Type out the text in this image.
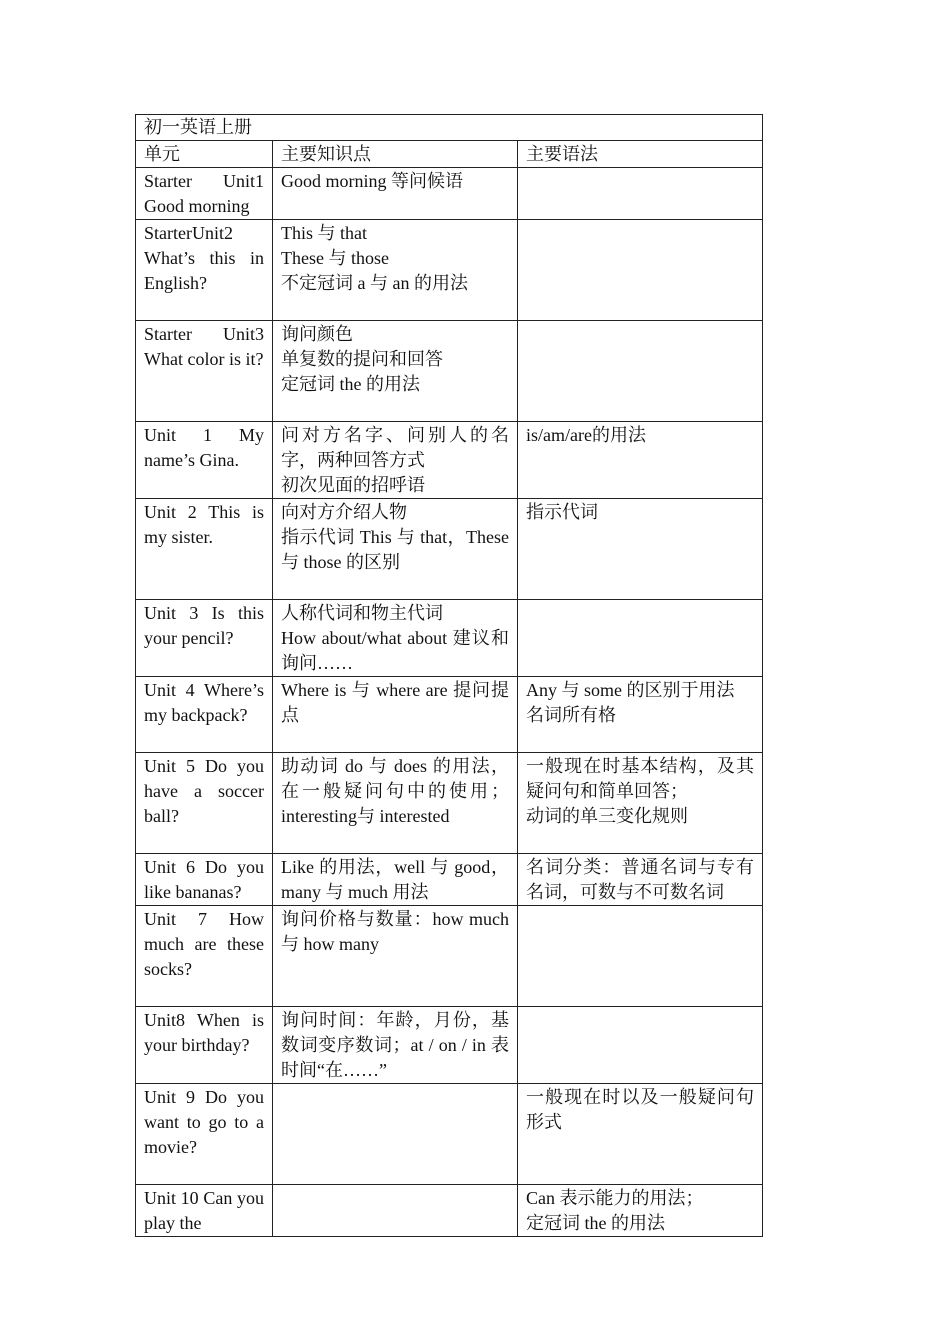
初一英语上册		

单元	主要知识点	主要语法

Starter Unit1 Good morning	Good morning 等问候语	

StarterUnit2 What’s this in English?	This 与 that
These 与 those
不定冠词 a 与 an 的用法	

Starter Unit3 What color is it?	询问颜色
单复数的提问和回答
定冠词 the 的用法	

Unit 1 My name’s Gina.	问对方名字、问别人的名字，两种回答方式
初次见面的招呼语	is/am/are的用法

Unit 2 This is my sister.	向对方介绍人物
指示代词 This 与 that，These 与 those 的区别	指示代词

Unit 3 Is this your pencil?	人称代词和物主代词
How about/what about 建议和询问……	

Unit 4 Where’s my backpack?	Where is 与 where are 提问提点	Any 与 some 的区别于用法
名词所有格

Unit 5 Do you have a soccer ball?	助动词 do 与 does 的用法，在一般疑问句中的使用；interesting与 interested	一般现在时基本结构，及其疑问句和简单回答；
动词的单三变化规则

Unit 6 Do you like bananas?	Like 的用法，well 与 good，many 与 much 用法	名词分类：普通名词与专有名词，可数与不可数名词

Unit 7 How much are these socks?	询问价格与数量：how much 与 how many	

Unit8 When is your birthday?	询问时间：年龄，月份，基数词变序数词；at / on / in 表时间“在……”	

Unit 9 Do you want to go to a movie?		一般现在时以及一般疑问句形式

Unit 10 Can you play the		Can 表示能力的用法；
定冠词 the 的用法
